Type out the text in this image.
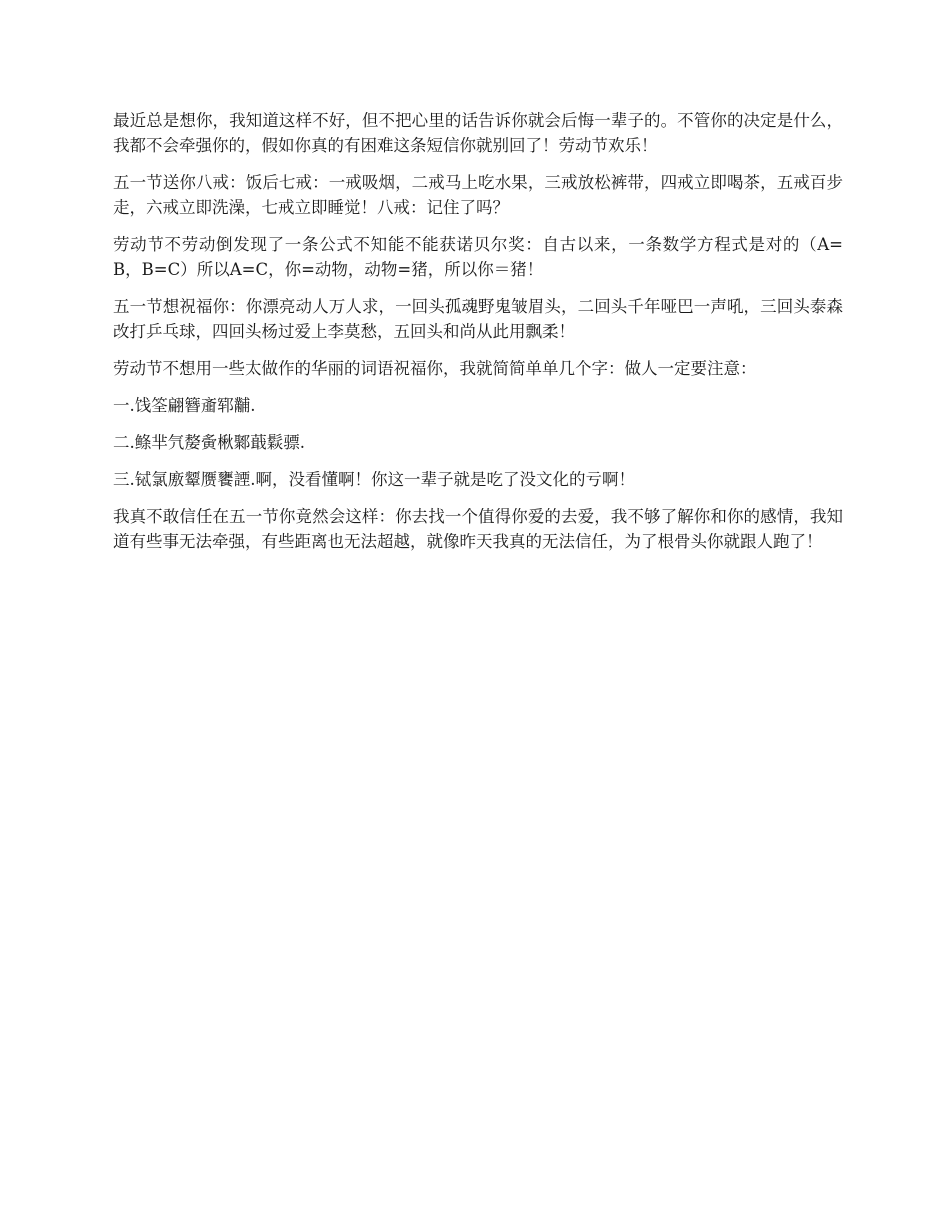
最近总是想你，我知道这样不好，但不把心里的话告诉你就会后悔一辈子的。不管你的决定是什么，我都不会牵强你的，假如你真的有困难这条短信你就别回了！劳动节欢乐！

五一节送你八戒：饭后七戒：一戒吸烟，二戒马上吃水果，三戒放松裤带，四戒立即喝茶，五戒百步走，六戒立即洗澡，七戒立即睡觉！八戒：记住了吗？

劳动节不劳动倒发现了一条公式不知能不能获诺贝尔奖：自古以来，一条数学方程式是对的（A=B，B=C）所以A=C，你=动物，动物=猪，所以你＝猪！

五一节想祝福你：你漂亮动人万人求，一回头孤魂野鬼皱眉头，二回头千年哑巴一声吼，三回头泰森改打乒乓球，四回头杨过爱上李莫愁，五回头和尚从此用飘柔！

劳动节不想用一些太做作的华丽的词语祝福你，我就简简单单几个字：做人一定要注意：

一.饯筌翩簪齑郓黼.

二.鲦芈氕嫠夤楸鄹蕺鬏骠.

三.铽氯廒颦赝饔諲.啊，没看懂啊！你这一辈子就是吃了没文化的亏啊！

我真不敢信任在五一节你竟然会这样：你去找一个值得你爱的去爱，我不够了解你和你的感情，我知道有些事无法牵强，有些距离也无法超越，就像昨天我真的无法信任，为了根骨头你就跟人跑了！
